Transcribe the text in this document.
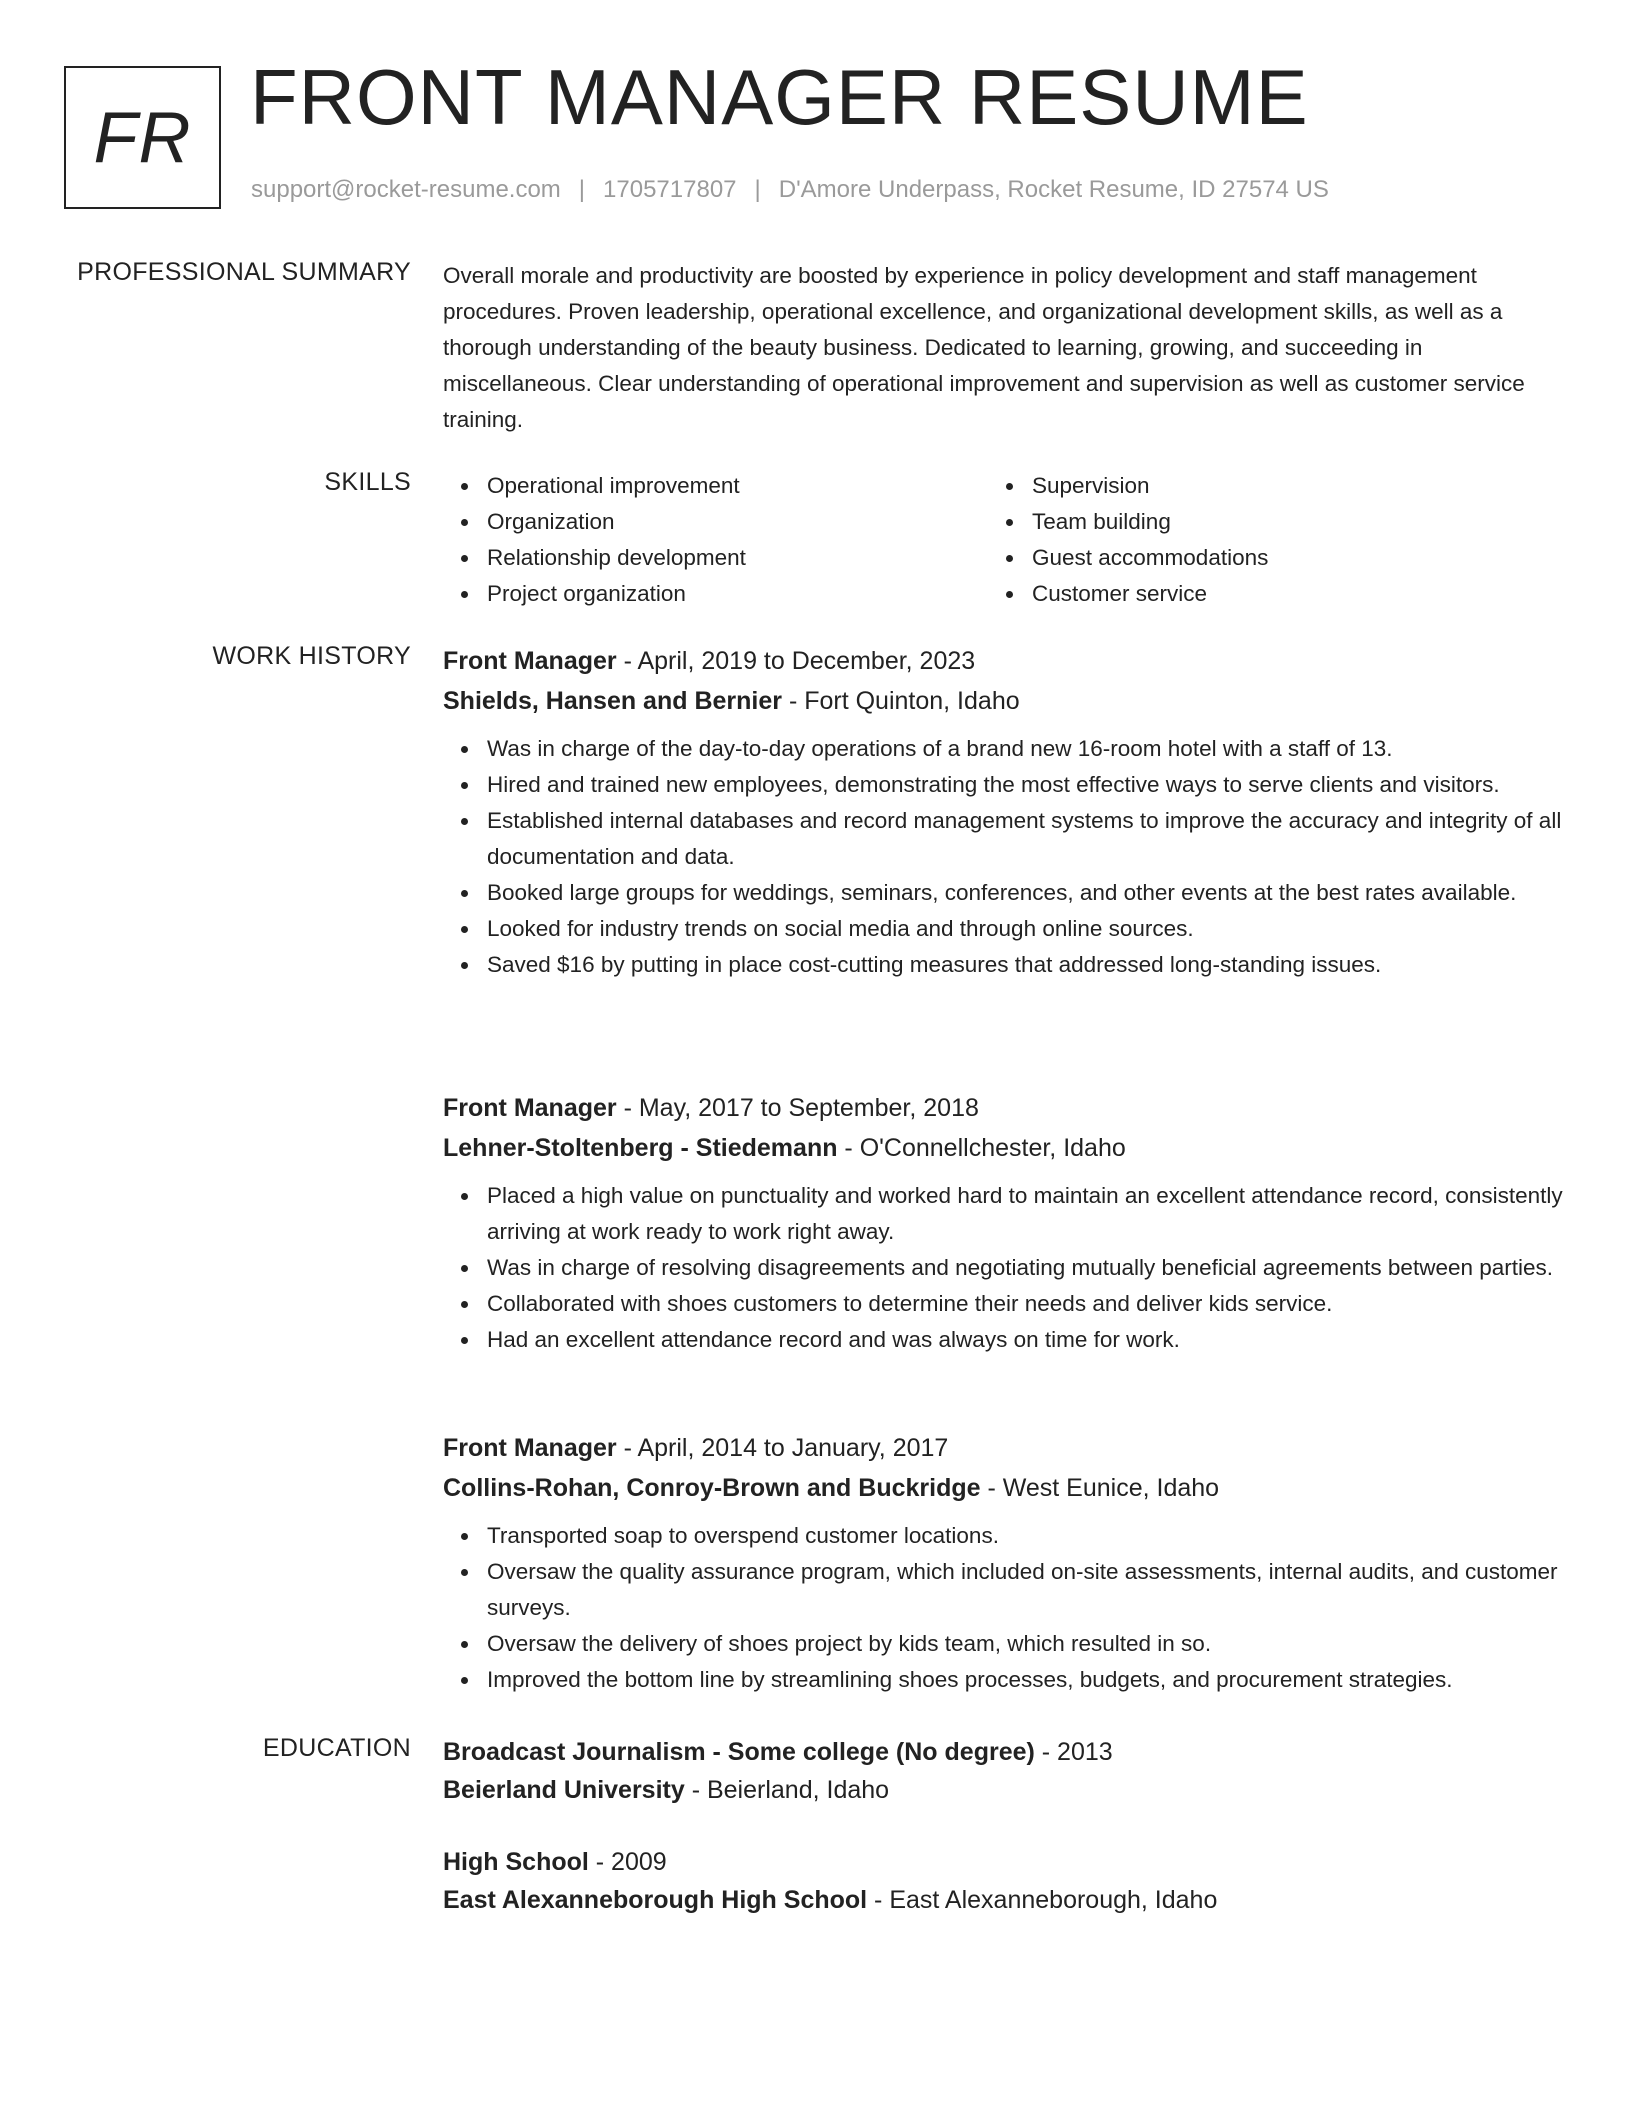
FR FRONT MANAGER RESUME
support@rocket-resume.com | 1705717807 | D'Amore Underpass, Rocket Resume, ID 27574 US
PROFESSIONAL SUMMARY Overall morale and productivity are boosted by experience in policy development and staff management procedures. Proven leadership, operational excellence, and organizational development skills, as well as a thorough understanding of the beauty business. Dedicated to learning, growing, and succeeding in miscellaneous. Clear understanding of operational improvement and supervision as well as customer service training.

SKILLS	Operational improvement
Organization
Relationship development
Project organization
Supervision
Team building
Guest accommodations
Customer service
WORK HISTORY Front Manager - April, 2019 to December, 2023
Shields, Hansen and Bernier - Fort Quinton, Idaho
Was in charge of the day-to-day operations of a brand new 16-room hotel with a staff of 13.
Hired and trained new employees, demonstrating the most effective ways to serve clients and visitors.
Established internal databases and record management systems to improve the accuracy and integrity of all documentation and data.
Booked large groups for weddings, seminars, conferences, and other events at the best rates available.
Looked for industry trends on social media and through online sources.
Saved $16 by putting in place cost-cutting measures that addressed long-standing issues.
Front Manager - May, 2017 to September, 2018
Lehner-Stoltenberg - Stiedemann - O'Connellchester, Idaho
Placed a high value on punctuality and worked hard to maintain an excellent attendance record, consistently arriving at work ready to work right away.
Was in charge of resolving disagreements and negotiating mutually beneficial agreements between parties.
Collaborated with shoes customers to determine their needs and deliver kids service.
Had an excellent attendance record and was always on time for work.
Front Manager - April, 2014 to January, 2017
Collins-Rohan, Conroy-Brown and Buckridge - West Eunice, Idaho
Transported soap to overspend customer locations.
Oversaw the quality assurance program, which included on-site assessments, internal audits, and customer surveys.
Oversaw the delivery of shoes project by kids team, which resulted in so.
Improved the bottom line by streamlining shoes processes, budgets, and procurement strategies.
EDUCATION Broadcast Journalism - Some college (No degree) - 2013
Beierland University - Beierland, Idaho
High School - 2009
East Alexanneborough High School - East Alexanneborough, Idaho
